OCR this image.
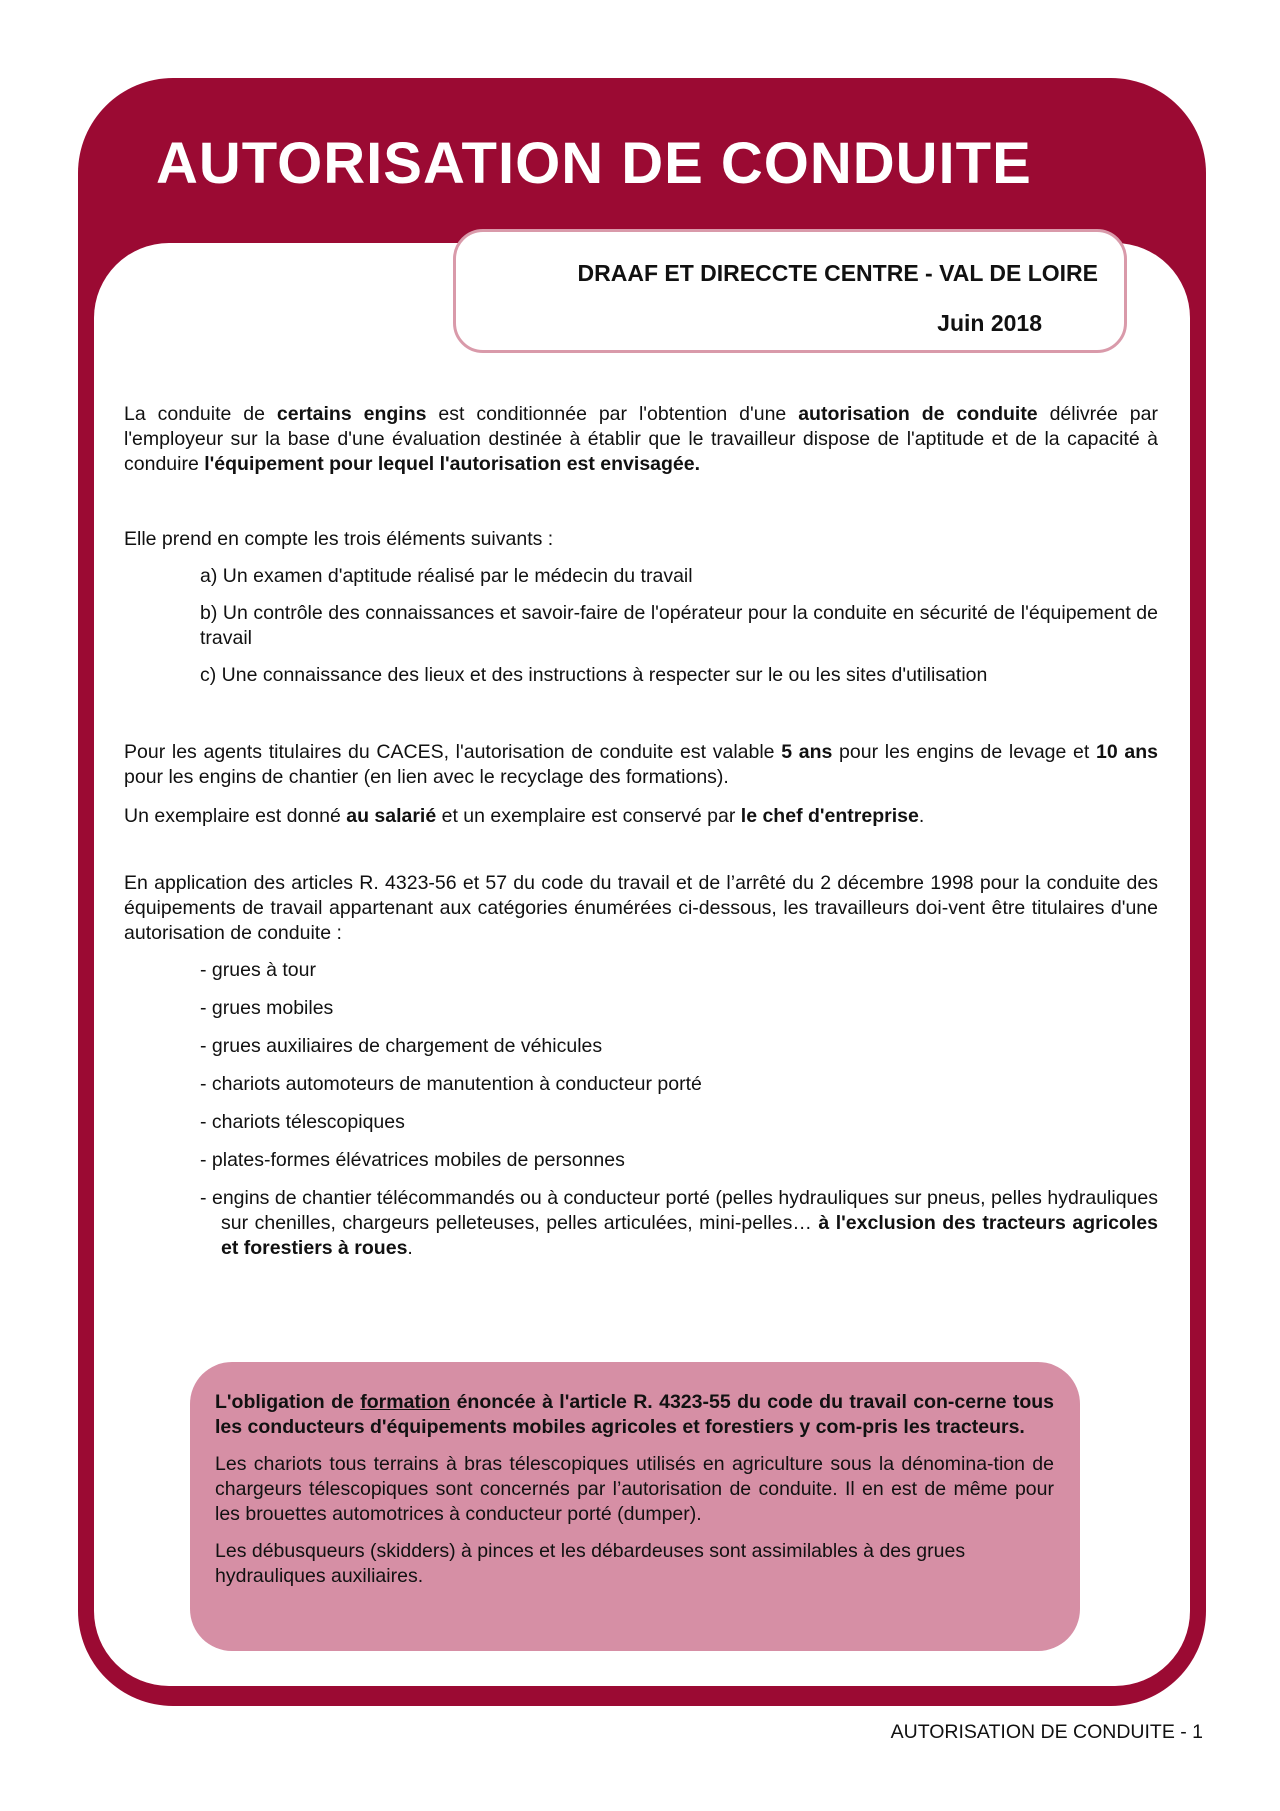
AUTORISATION DE CONDUITE
DRAAF ET DIRECCTE CENTRE - VAL DE LOIRE
Juin 2018

La conduite de certains engins est conditionnée par l'obtention d'une autorisation de conduite délivrée par l'employeur sur la base d'une évaluation destinée à établir que le travailleur dispose de l'aptitude et de la capacité à conduire l'équipement pour lequel l'autorisation est envisagée.

Elle prend en compte les trois éléments suivants :

a) Un examen d'aptitude réalisé par le médecin du travail

b) Un contrôle des connaissances et savoir-faire de l'opérateur pour la conduite en sécurité de l'équipement de travail

c) Une connaissance des lieux et des instructions à respecter sur le ou les sites d'utilisation

Pour les agents titulaires du CACES, l'autorisation de conduite est valable 5 ans pour les engins de levage et 10 ans pour les engins de chantier (en lien avec le recyclage des formations).

Un exemplaire est donné au salarié et un exemplaire est conservé par le chef d'entreprise.

En application des articles R. 4323-56 et 57 du code du travail et de l’arrêté du 2 décembre 1998 pour la conduite des équipements de travail appartenant aux catégories énumérées ci-dessous, les travailleurs doi-vent être titulaires d'une autorisation de conduite :

- grues à tour

- grues mobiles

- grues auxiliaires de chargement de véhicules

- chariots automoteurs de manutention à conducteur porté

- chariots télescopiques

- plates-formes élévatrices mobiles de personnes

- engins de chantier télécommandés ou à conducteur porté (pelles hydrauliques sur pneus, pelles hydrauliques sur chenilles, chargeurs pelleteuses, pelles articulées, mini-pelles… à l'exclusion des tracteurs agricoles et forestiers à roues.

L'obligation de formation énoncée à l'article R. 4323-55 du code du travail con-cerne tous les conducteurs d'équipements mobiles agricoles et forestiers y com-pris les tracteurs.

Les chariots tous terrains à bras télescopiques utilisés en agriculture sous la dénomina-tion de chargeurs télescopiques sont concernés par l’autorisation de conduite. Il en est de même pour les brouettes automotrices à conducteur porté (dumper).

Les débusqueurs (skidders) à pinces et les débardeuses sont assimilables à des grues hydrauliques auxiliaires.

AUTORISATION DE CONDUITE - 1
